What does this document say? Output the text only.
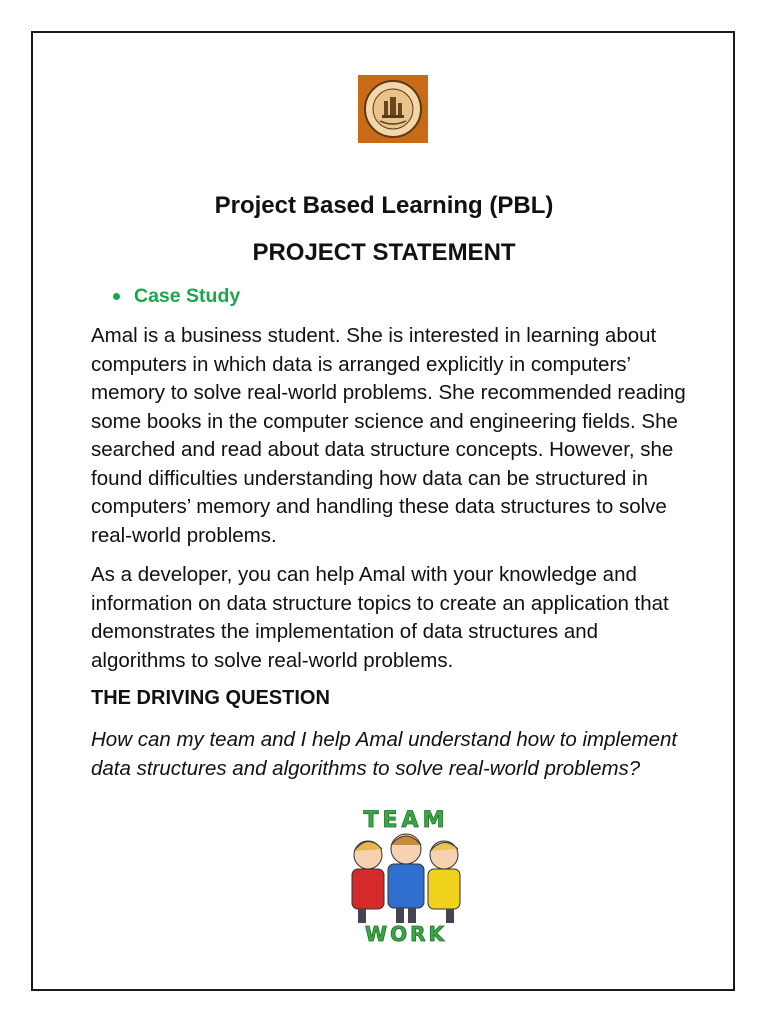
Project Based Learning (PBL)
PROJECT STATEMENT
Case Study

Amal is a business student. She is interested in learning about computers in which data is arranged explicitly in computers’ memory to solve real-world problems. She recommended reading some books in the computer science and engineering fields. She searched and read about data structure concepts. However, she found difficulties understanding how data can be structured in computers’ memory and handling these data structures to solve real-world problems.

As a developer, you can help Amal with your knowledge and information on data structure topics to create an application that demonstrates the implementation of data structures and algorithms to solve real-world problems.

THE DRIVING QUESTION

How can my team and I help Amal understand how to implement data structures and algorithms to solve real-world problems?

TEAM
WORK
